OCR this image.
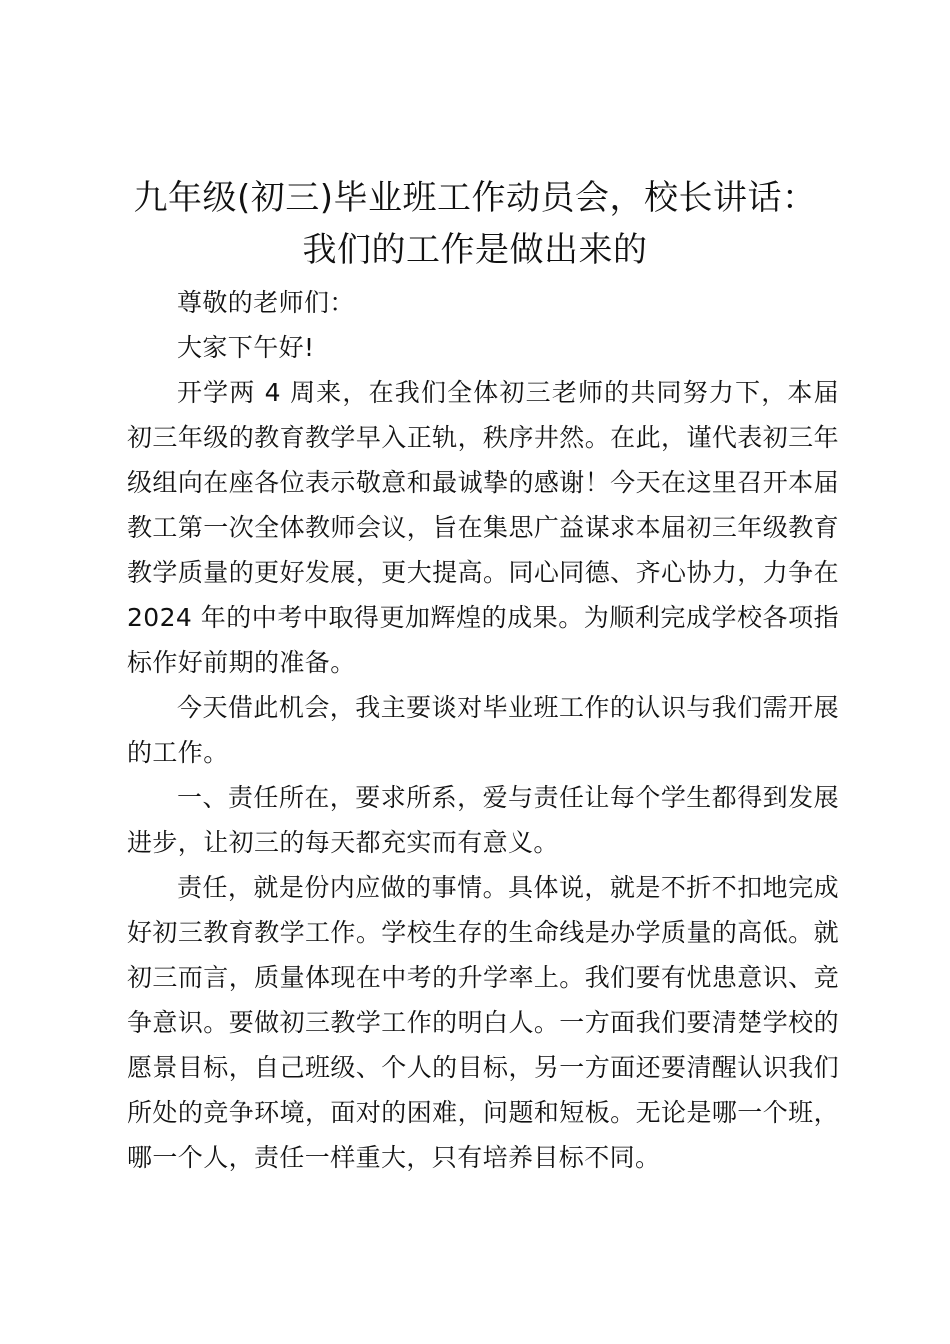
九年级(初三)毕业班工作动员会，校长讲话：
我们的工作是做出来的

尊敬的老师们：

大家下午好!

开学两 4 周来，在我们全体初三老师的共同努力下，本届初三年级的教育教学早入正轨，秩序井然。在此，谨代表初三年级组向在座各位表示敬意和最诚挚的感谢！今天在这里召开本届教工第一次全体教师会议，旨在集思广益谋求本届初三年级教育教学质量的更好发展，更大提高。同心同德、齐心协力，力争在 2024 年的中考中取得更加辉煌的成果。为顺利完成学校各项指标作好前期的准备。

今天借此机会，我主要谈对毕业班工作的认识与我们需开展的工作。

一、责任所在，要求所系，爱与责任让每个学生都得到发展进步，让初三的每天都充实而有意义。

责任，就是份内应做的事情。具体说，就是不折不扣地完成好初三教育教学工作。学校生存的生命线是办学质量的高低。就初三而言，质量体现在中考的升学率上。我们要有忧患意识、竞争意识。要做初三教学工作的明白人。一方面我们要清楚学校的愿景目标，自己班级、个人的目标，另一方面还要清醒认识我们所处的竞争环境，面对的困难，问题和短板。无论是哪一个班，哪一个人，责任一样重大，只有培养目标不同。
